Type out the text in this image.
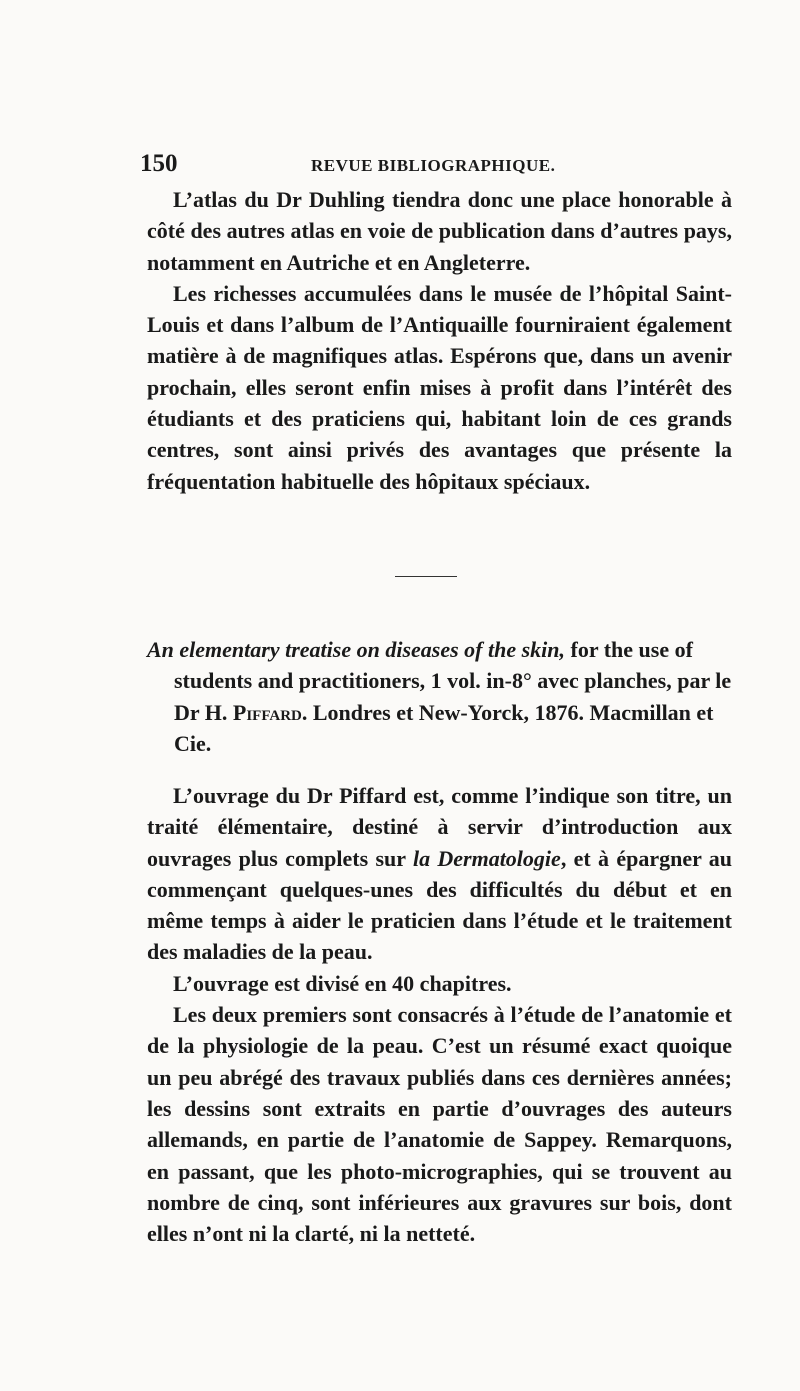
150	REVUE BIBLIOGRAPHIQUE.

L’atlas du Dr Duhling tiendra donc une place honorable à côté des autres atlas en voie de publication dans d’autres pays, notamment en Autriche et en Angleterre.

Les richesses accumulées dans le musée de l’hôpital Saint-Louis et dans l’album de l’Antiquaille fourniraient également matière à de magnifiques atlas. Espérons que, dans un avenir prochain, elles seront enfin mises à profit dans l’intérêt des étudiants et des praticiens qui, habitant loin de ces grands centres, sont ainsi privés des avantages que présente la fréquentation habituelle des hôpitaux spéciaux.

An elementary treatise on diseases of the skin, for the use of students and practitioners, 1 vol. in-8° avec planches, par le Dr H. Piffard. Londres et New-Yorck, 1876. Macmillan et Cie.

L’ouvrage du Dr Piffard est, comme l’indique son titre, un traité élémentaire, destiné à servir d’introduction aux ouvrages plus complets sur la Dermatologie, et à épargner au commençant quelques-unes des difficultés du début et en même temps à aider le praticien dans l’étude et le traitement des maladies de la peau.

L’ouvrage est divisé en 40 chapitres.

Les deux premiers sont consacrés à l’étude de l’anatomie et de la physiologie de la peau. C’est un résumé exact quoique un peu abrégé des travaux publiés dans ces dernières années; les dessins sont extraits en partie d’ouvrages des auteurs allemands, en partie de l’anatomie de Sappey. Remarquons, en passant, que les photo-micrographies, qui se trouvent au nombre de cinq, sont inférieures aux gravures sur bois, dont elles n’ont ni la clarté, ni la netteté.
